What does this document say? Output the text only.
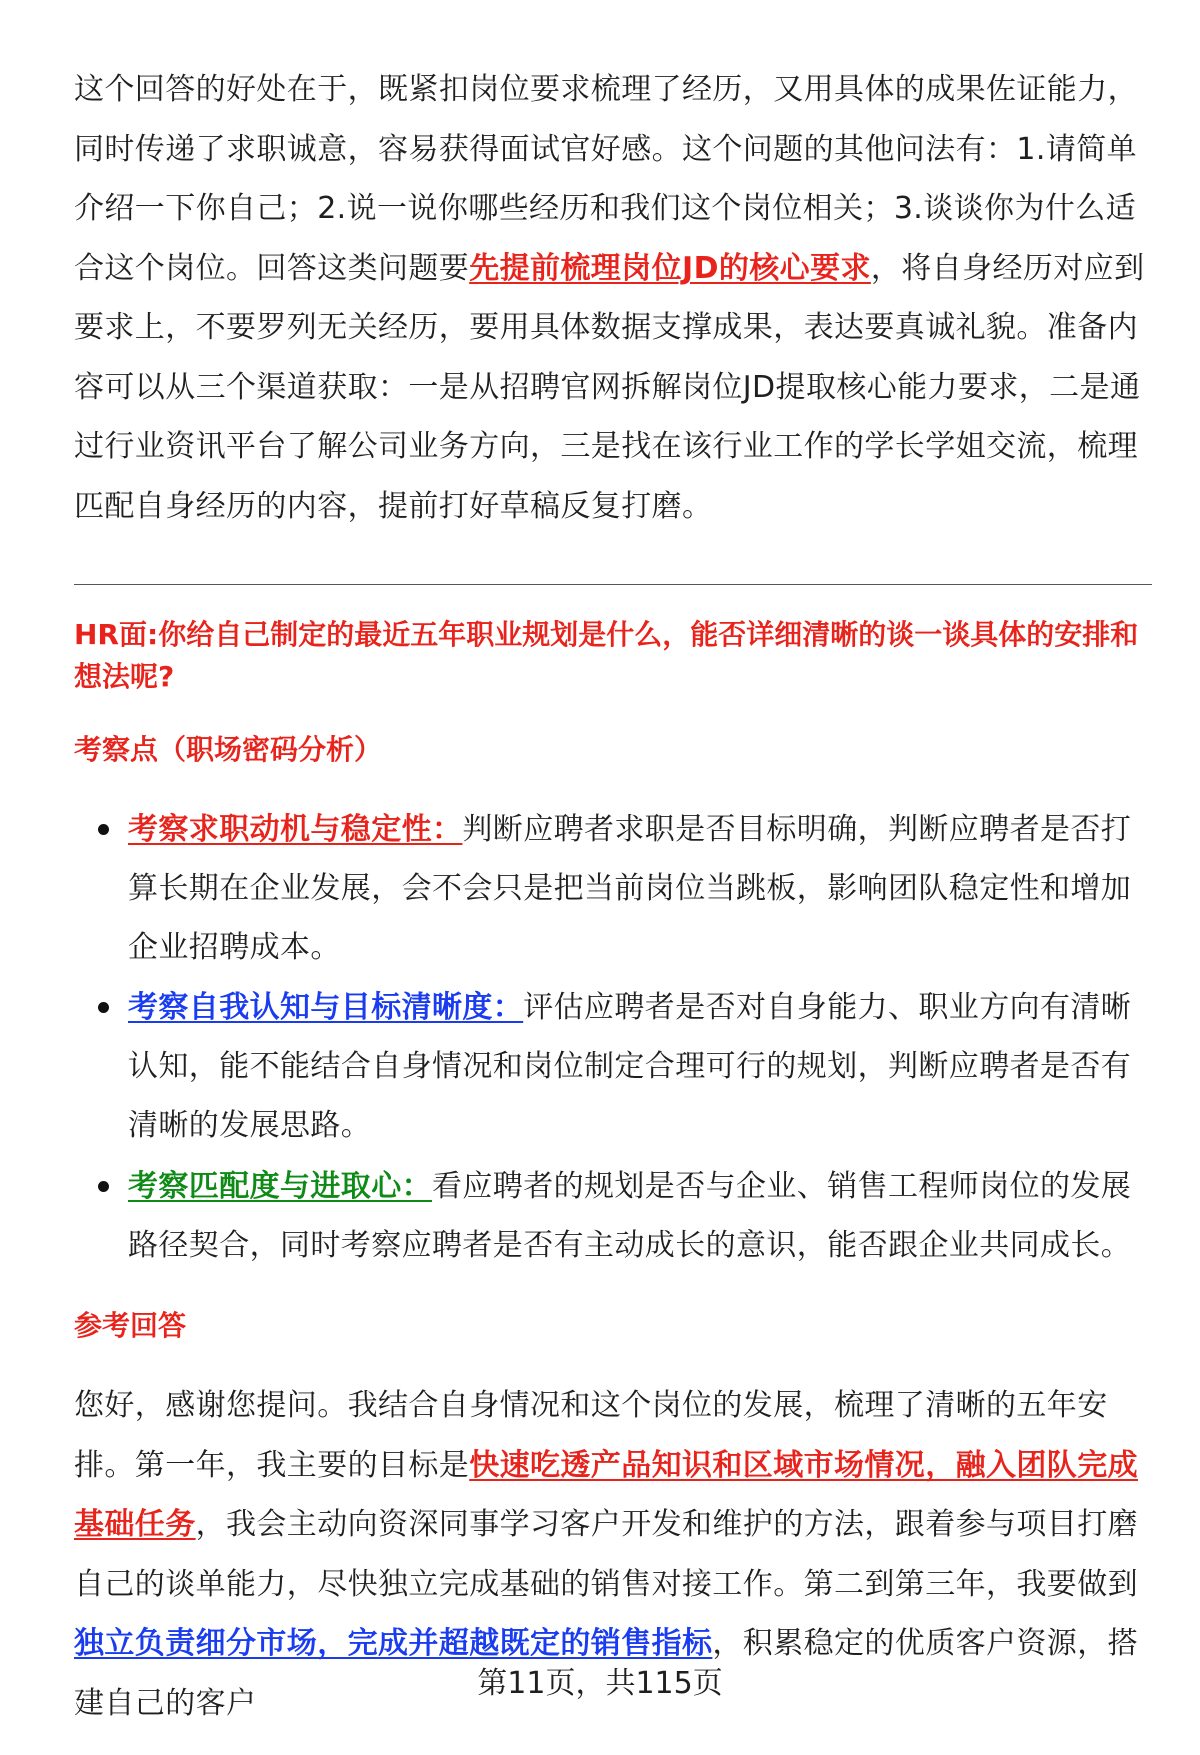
这个回答的好处在于，既紧扣岗位要求梳理了经历，又用具体的成果佐证能力，同时传递了求职诚意，容易获得面试官好感。这个问题的其他问法有：1.请简单介绍一下你自己；2.说一说你哪些经历和我们这个岗位相关；3.谈谈你为什么适合这个岗位。回答这类问题要先提前梳理岗位JD的核心要求，将自身经历对应到要求上，不要罗列无关经历，要用具体数据支撑成果，表达要真诚礼貌。准备内容可以从三个渠道获取：一是从招聘官网拆解岗位JD提取核心能力要求，二是通过行业资讯平台了解公司业务方向，三是找在该行业工作的学长学姐交流，梳理匹配自身经历的内容，提前打好草稿反复打磨。

HR面:你给自己制定的最近五年职业规划是什么，能否详细清晰的谈一谈具体的安排和想法呢?

考察点（职场密码分析）

考察求职动机与稳定性：判断应聘者求职是否目标明确，判断应聘者是否打算长期在企业发展，会不会只是把当前岗位当跳板，影响团队稳定性和增加企业招聘成本。

考察自我认知与目标清晰度：评估应聘者是否对自身能力、职业方向有清晰认知，能不能结合自身情况和岗位制定合理可行的规划，判断应聘者是否有清晰的发展思路。

考察匹配度与进取心：看应聘者的规划是否与企业、销售工程师岗位的发展路径契合，同时考察应聘者是否有主动成长的意识，能否跟企业共同成长。

参考回答

您好，感谢您提问。我结合自身情况和这个岗位的发展，梳理了清晰的五年安排。第一年，我主要的目标是快速吃透产品知识和区域市场情况，融入团队完成基础任务，我会主动向资深同事学习客户开发和维护的方法，跟着参与项目打磨自己的谈单能力，尽快独立完成基础的销售对接工作。第二到第三年，我要做到独立负责细分市场，完成并超越既定的销售指标，积累稳定的优质客户资源，搭建自己的客户

第11页，共115页
